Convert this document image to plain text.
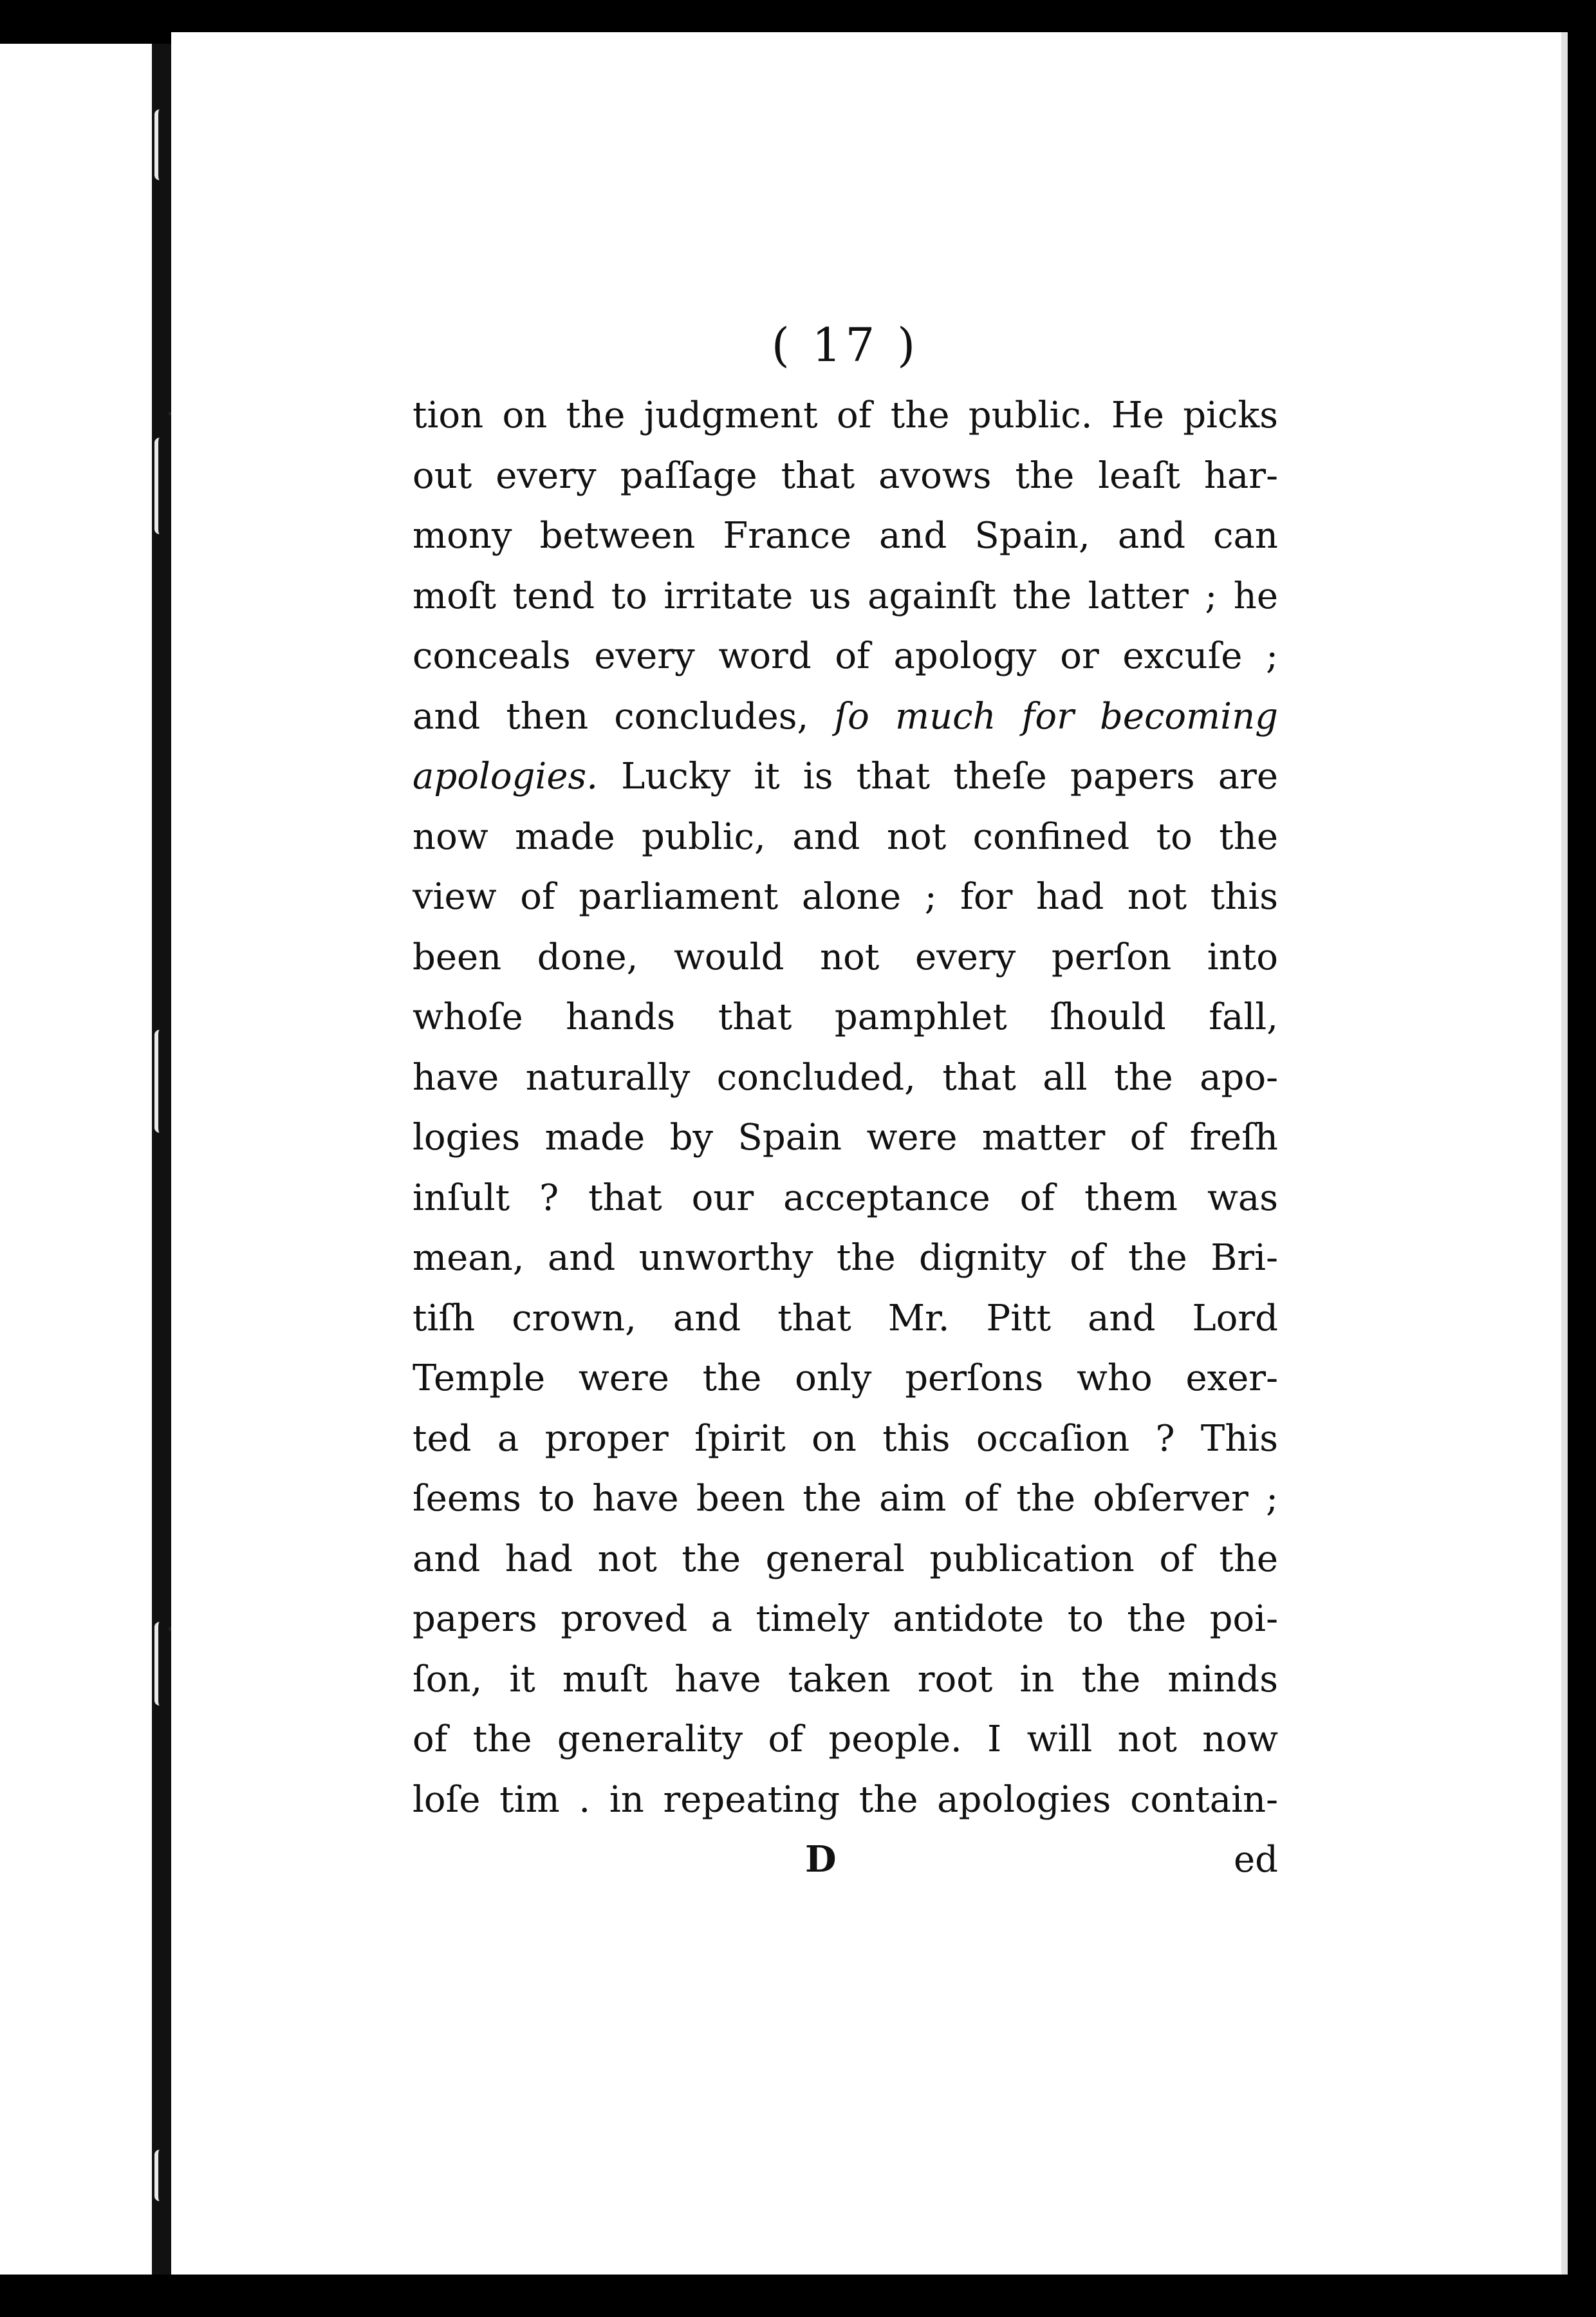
( 17 )
tion on the judgment of the public. He picks
out every paſſage that avows the leaſt har-
mony between France and Spain, and can
moſt tend to irritate us againſt the latter ; he
conceals every word of apology or excuſe ;
and then concludes, ſo much for becoming
apologies. Lucky it is that theſe papers are
now made public, and not confined to the
view of parliament alone ; for had not this
been done, would not every perſon into
whoſe hands that pamphlet ſhould fall,
have naturally concluded, that all the apo-
logies made by Spain were matter of freſh
inſult ? that our acceptance of them was
mean, and unworthy the dignity of the Bri-
tiſh crown, and that Mr. Pitt and Lord
Temple were the only perſons who exer-
ted a proper ſpirit on this occaſion ? This
ſeems to have been the aim of the obſerver ;
and had not the general publication of the
papers proved a timely antidote to the poi-
ſon, it muſt have taken root in the minds
of the generality of people. I will not now
loſe tim . in repeating the apologies contain-
D	ed
